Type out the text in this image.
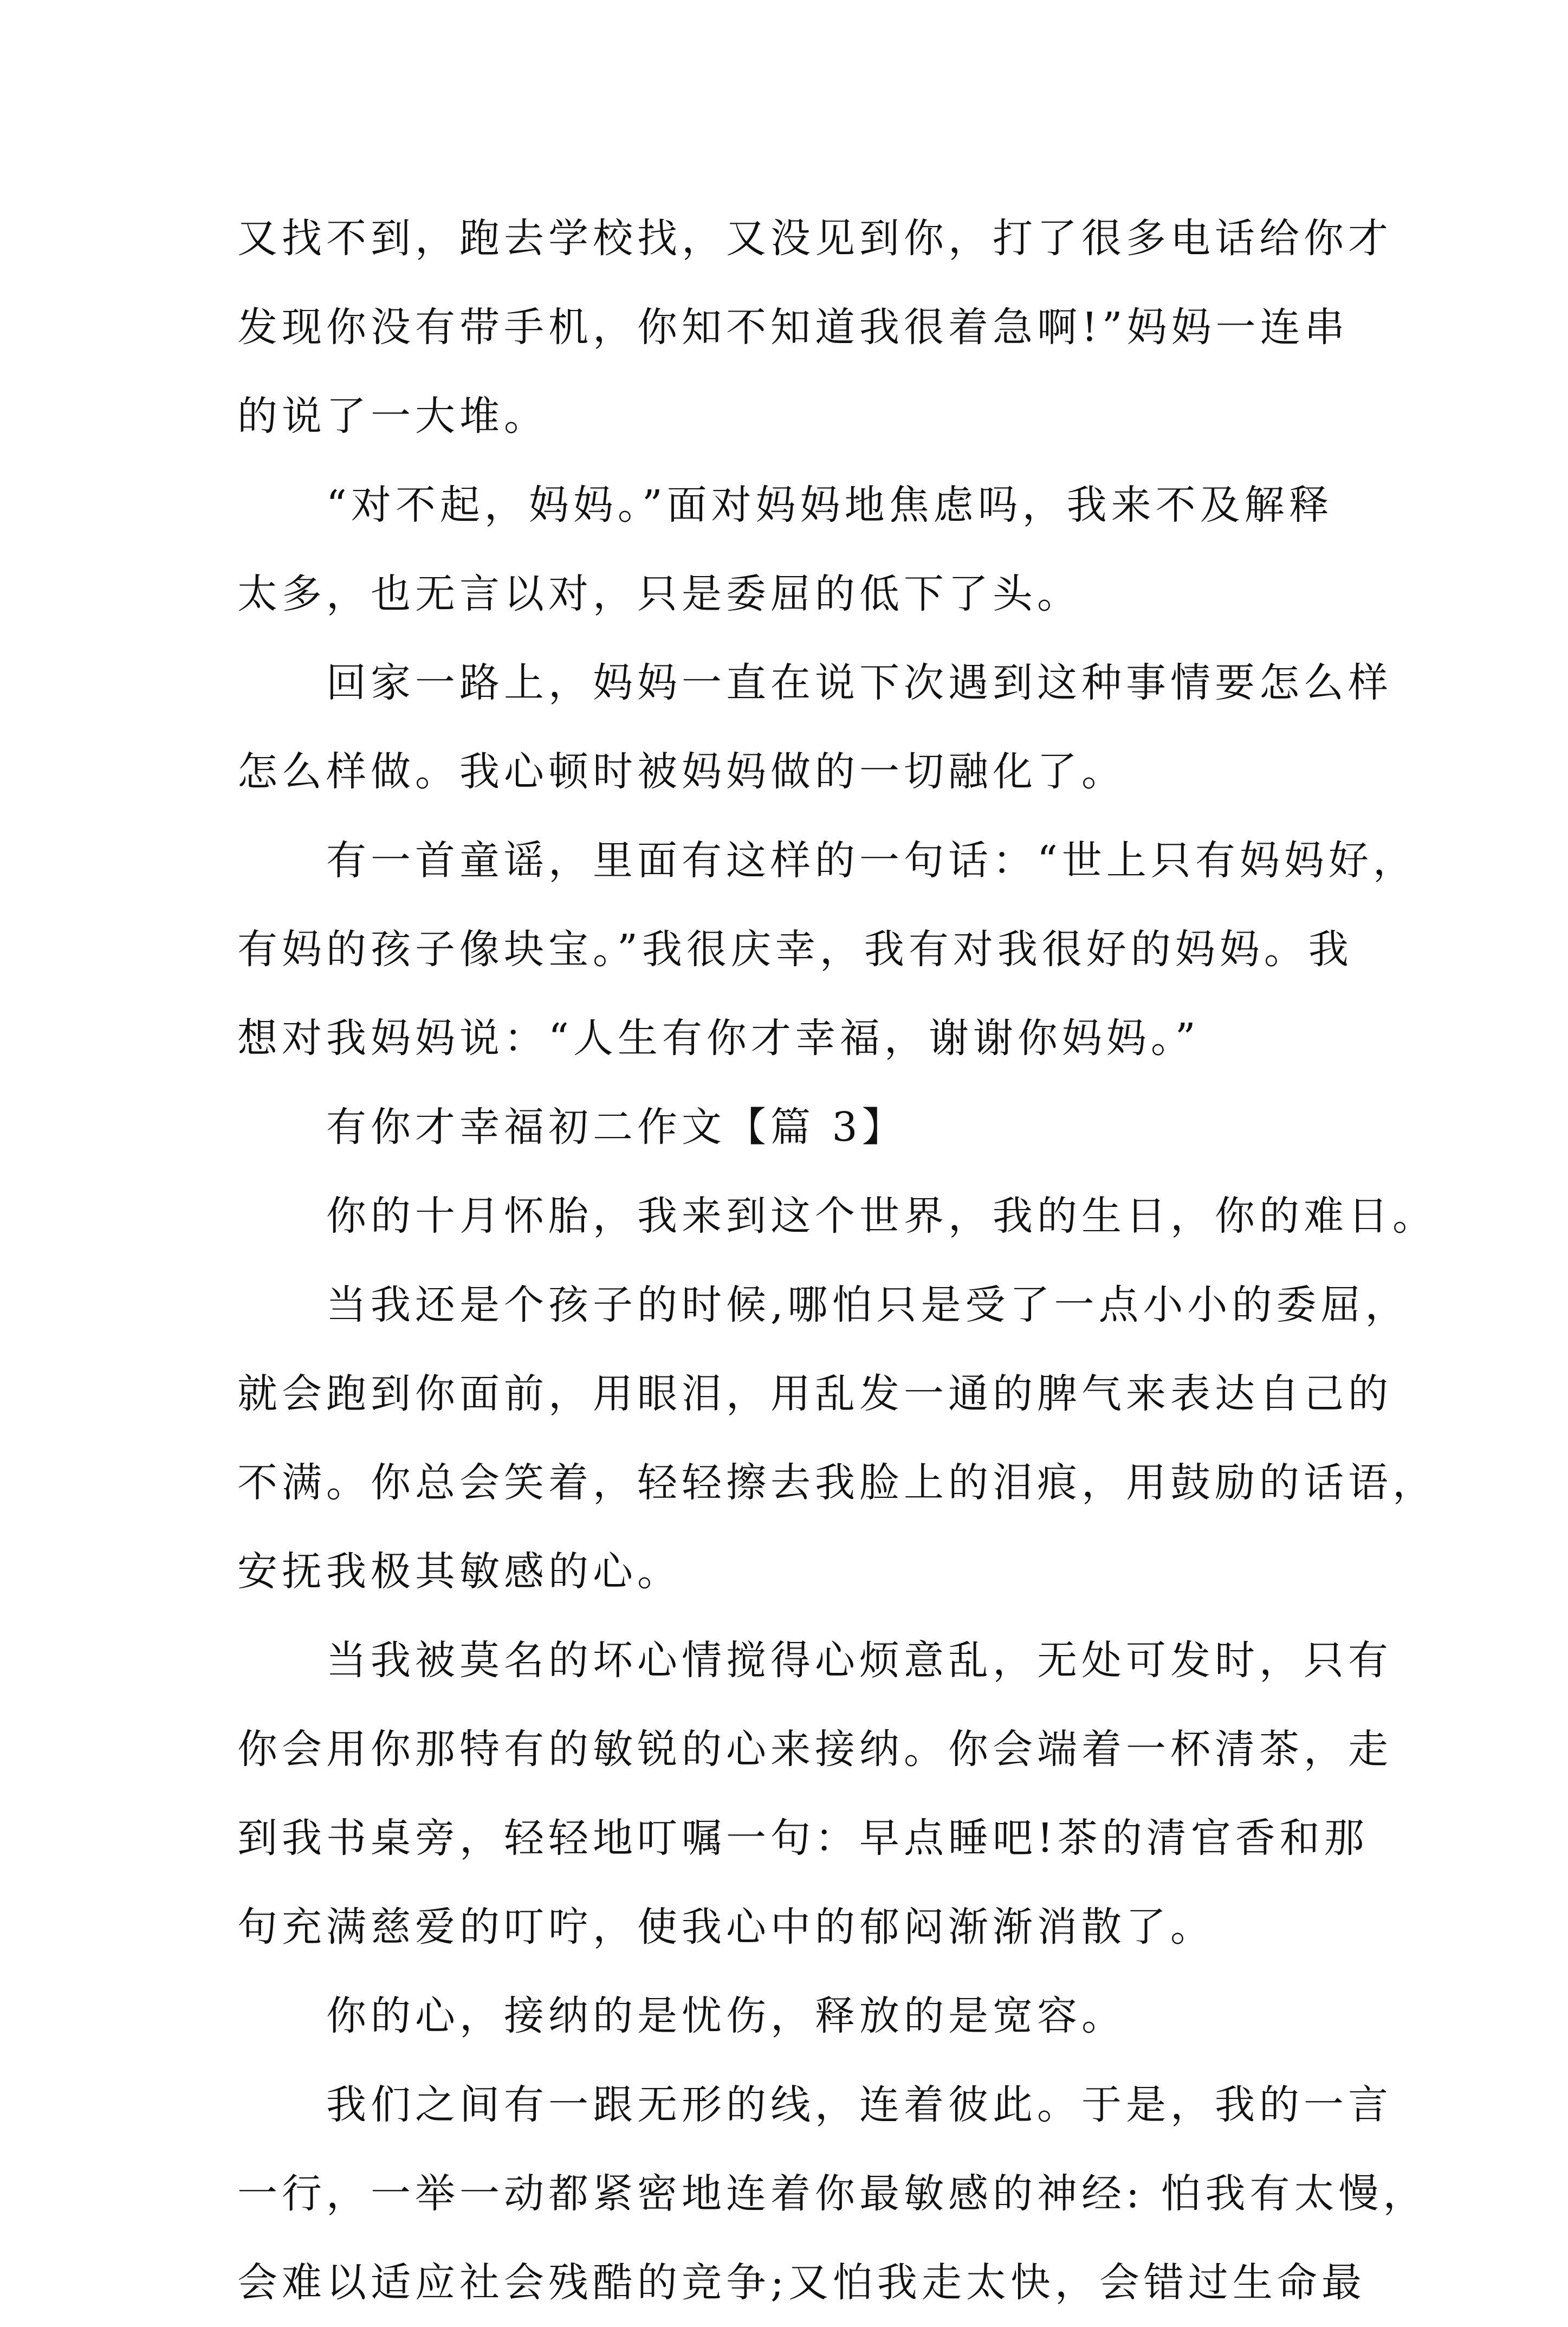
又找不到，跑去学校找，又没见到你，打了很多电话给你才
发现你没有带手机，你知不知道我很着急啊!”妈妈一连串
的说了一大堆。
“对不起，妈妈。”面对妈妈地焦虑吗，我来不及解释
太多，也无言以对，只是委屈的低下了头。
回家一路上，妈妈一直在说下次遇到这种事情要怎么样
怎么样做。我心顿时被妈妈做的一切融化了。
有一首童谣，里面有这样的一句话：“世上只有妈妈好，
有妈的孩子像块宝。”我很庆幸，我有对我很好的妈妈。我
想对我妈妈说：“人生有你才幸福，谢谢你妈妈。”
有你才幸福初二作文【篇 3】
你的十月怀胎，我来到这个世界，我的生日，你的难日。
当我还是个孩子的时候,哪怕只是受了一点小小的委屈，
就会跑到你面前，用眼泪，用乱发一通的脾气来表达自己的
不满。你总会笑着，轻轻擦去我脸上的泪痕，用鼓励的话语，
安抚我极其敏感的心。
当我被莫名的坏心情搅得心烦意乱，无处可发时，只有
你会用你那特有的敏锐的心来接纳。你会端着一杯清茶，走
到我书桌旁，轻轻地叮嘱一句：早点睡吧!茶的清官香和那
句充满慈爱的叮咛，使我心中的郁闷渐渐消散了。
你的心，接纳的是忧伤，释放的是宽容。
我们之间有一跟无形的线，连着彼此。于是，我的一言
一行，一举一动都紧密地连着你最敏感的神经: 怕我有太慢，
会难以适应社会残酷的竞争;又怕我走太快，会错过生命最
